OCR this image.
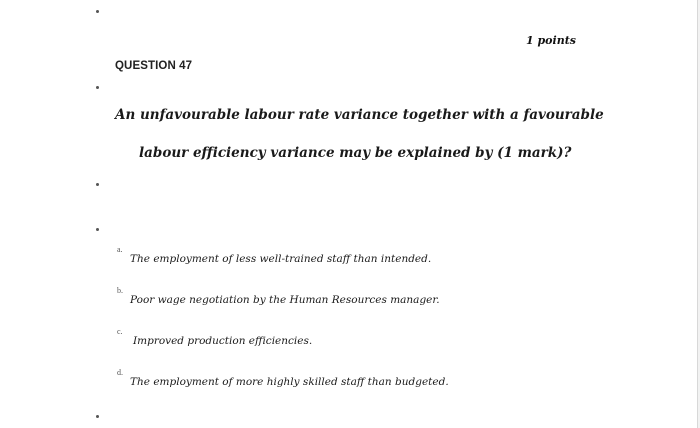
1 points
QUESTION 47
An unfavourable labour rate variance together with a favourable
labour efficiency variance may be explained by (1 mark)?
a.
The employment of less well-trained staff than intended.
b.
Poor wage negotiation by the Human Resources manager.
c.
Improved production efficiencies.
d.
The employment of more highly skilled staff than budgeted.
